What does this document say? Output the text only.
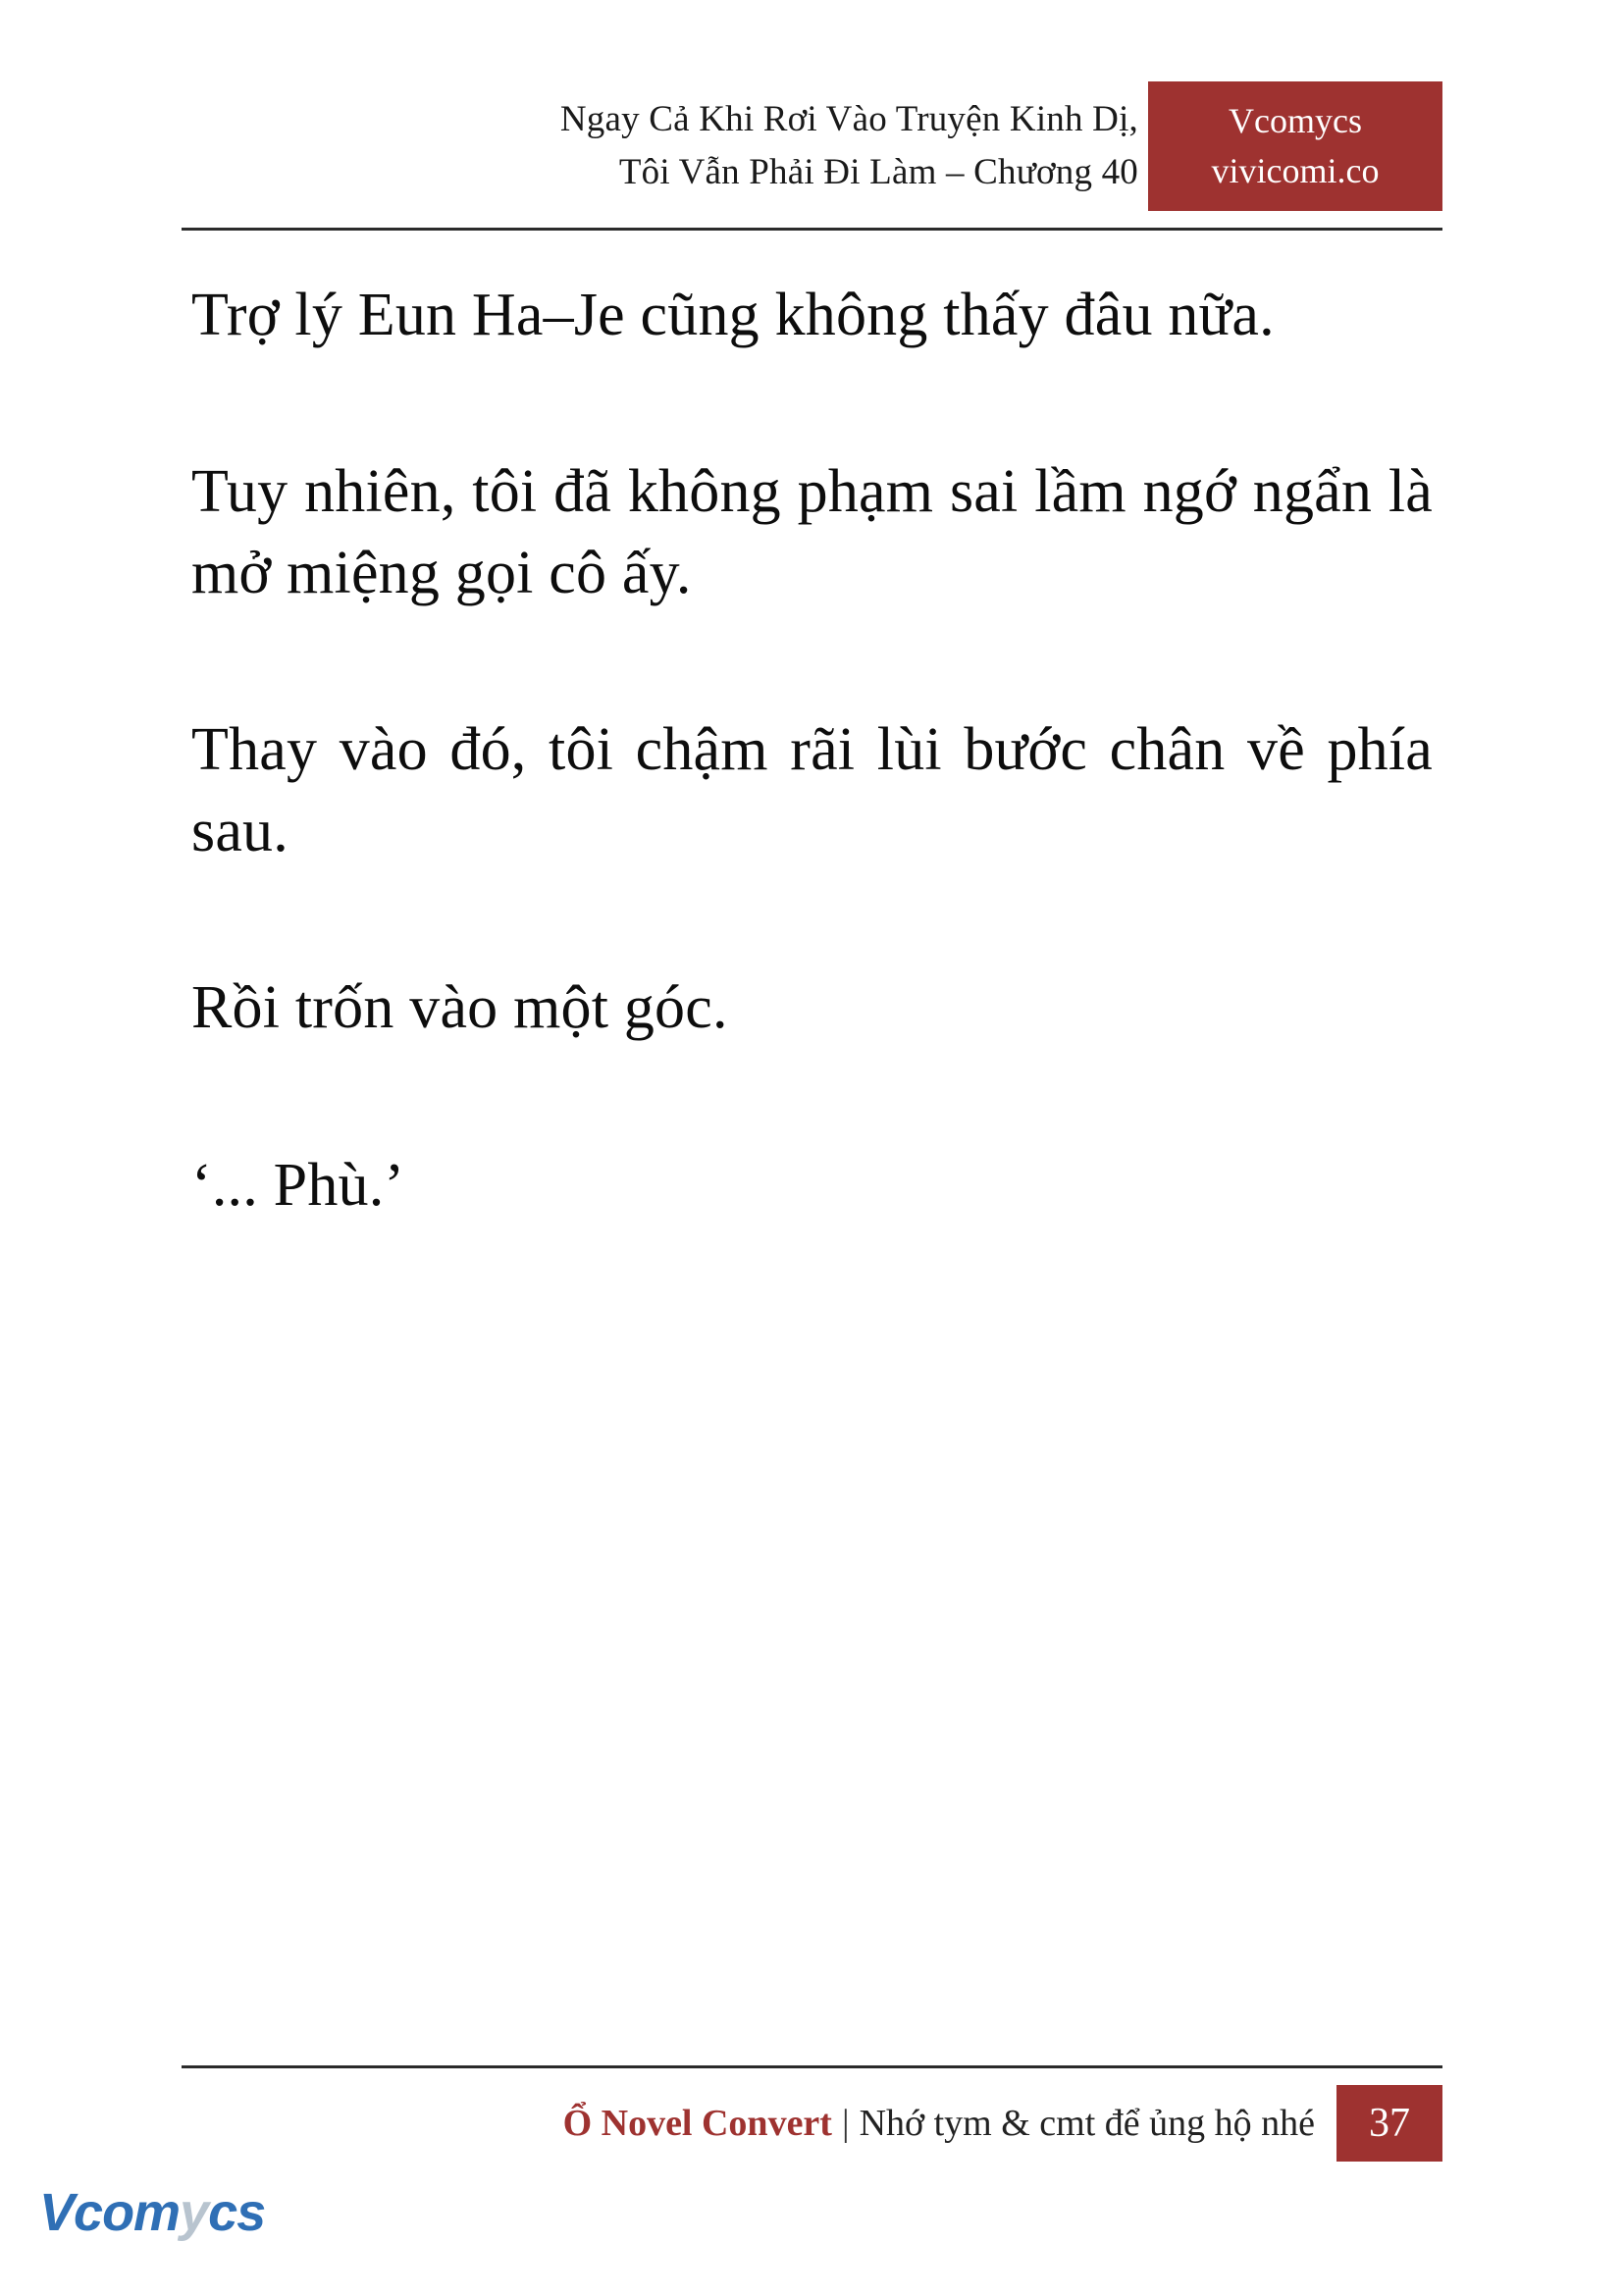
Ngay Cả Khi Rơi Vào Truyện Kinh Dị,
Tôi Vẫn Phải Đi Làm – Chương 40
Vcomycs
vivicomi.co

Trợ lý Eun Ha–Je cũng không thấy đâu nữa.

Tuy nhiên, tôi đã không phạm sai lầm ngớ ngẩn là mở miệng gọi cô ấy.

Thay vào đó, tôi chậm rãi lùi bước chân về phía sau.

Rồi trốn vào một góc.

‘... Phù.’

Ổ Novel Convert | Nhớ tym & cmt để ủng hộ nhé	37
Vcomycs
